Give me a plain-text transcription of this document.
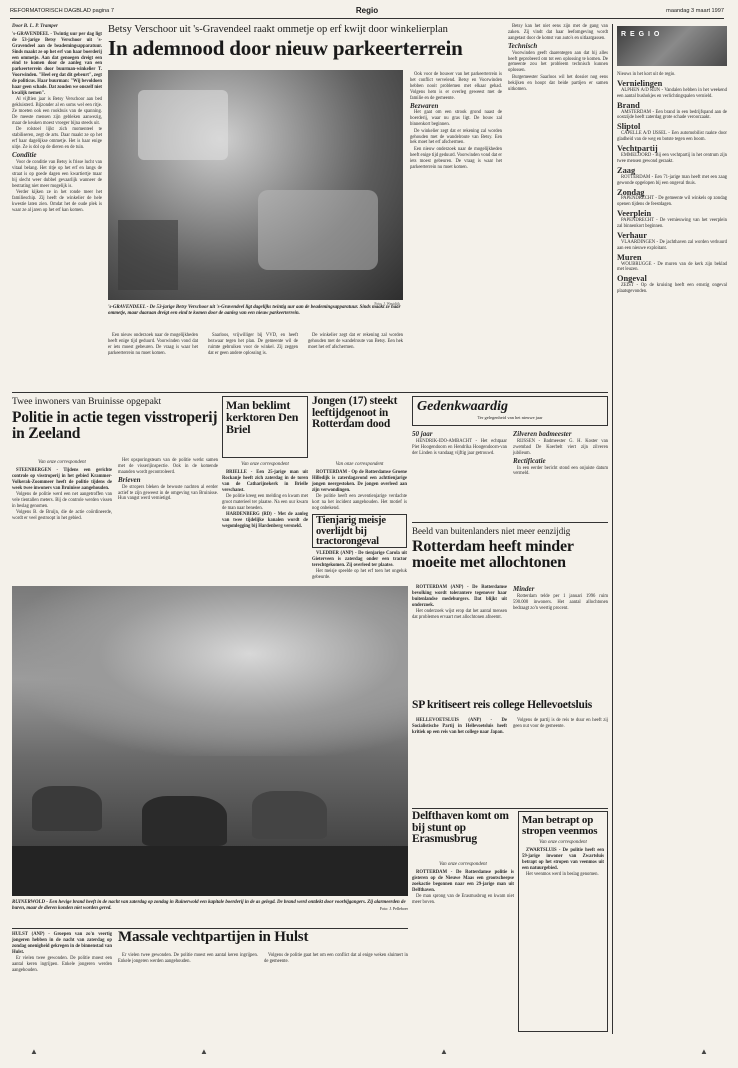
REFORMATORISCH DAGBLAD pagina 7	Regio	maandag 3 maart 1997
Door B. L. P. Tramper

's-GRAVENDEEL - Twintig uur per dag ligt de 53-jarige Betsy Verschoor uit 's-Gravendeel aan de beademingsapparatuur. Sinds maakt ze op het erf van haar boerderij een ommetje. Aan dat genoegen dreigt een eind te komen door de aanleg van een parkeerterrein door buurman-winkelier T. Voorwinden. "Heel erg dat dit gebeurt", zegt de politicus. Haar buurman: "Wij bevoldoen haar geen schade. Dat zouden we onszelf niet kwalijk nemen".

Al vijftien jaar is Betsy Verschoor aan bed gekluisterd. Bijzonder al en soms wel een ritje. Ze moeten ook een rookbuis van de spanning. De meeste mensen zijn gebleken aanwezig, maar de keuken moest vroeger bijna steeds uit.

De rolstoel lijkt zich momenteel te stabiliseren, zegt de arts. Daar maakt ze op het erf haar dagelijkse ommetje. Het is haar enige uitje. Ze is dol op de dieren en de tuin.

Conditie

Voor de conditie van Betsy is frisse lucht van vitaal belang. Het ritje op het erf en langs de straat is op goede dagen een kwartiertje maar bij slecht weer dubbel gevaarlijk wanneer de bestrating niet meer mogelijk is.

Verder kijken ze in het ronde meer het familieschip. Zij heeft de winkelier de hele kwestie laten zien. Omdat het de oude plek is waar ze al jaren op het erf kan komen.

Betsy Verschoor uit 's-Gravendeel raakt ommetje op erf kwijt door winkelierplan
In ademnood door nieuw parkeerterrein
Foto: J. Westdijk
's-GRAVENDEEL - De 53-jarige Betsy Verschoor uit 's-Gravendeel ligt dagelijks twintig uur aan de beademingsapparatuur. Sinds maakt ze haar ommetje, maar daaraan dreigt een eind te komen door de aanleg van een nieuw parkeerterrein.

Een nieuw onderzoek naar de mogelijkheden heeft enige tijd geduurd. Voorwinden vond dat er iets moest gebeuren. De vraag is waar het parkeerterrein nu moet komen.

Saarloos, vrijwilliger bij VVD, en heeft bezwaar tegen het plan. De gemeente wil de ruimte gebruiken voor de winkel. Zij zeggen dat er geen andere oplossing is.

De winkelier zegt dat er rekening zal worden gehouden met de wandelroute van Betsy. Een hek moet het erf afschermen.

Ook voor de bouwer van het parkeerterrein is het conflict vervelend. Betsy en Voorwinden hebben nooit problemen met elkaar gehad. Volgens hem is er overleg geweest met de familie en de gemeente.

Bezwaren

Het gaat om een strook grond naast de boerderij, waar nu gras ligt. De bouw zal binnenkort beginnen.

De winkelier zegt dat er rekening zal worden gehouden met de wandelroute van Betsy. Een hek moet het erf afschermen.

Een nieuw onderzoek naar de mogelijkheden heeft enige tijd geduurd. Voorwinden vond dat er iets moest gebeuren. De vraag is waar het parkeerterrein nu moet komen.

Betsy kan het niet eens zijn met de gang van zaken. Zij vindt dat haar leefomgeving wordt aangetast door de komst van auto's en uitlaatgassen.

Technisch

Voorwinden geeft daarentegen aan dat hij alles heeft geprobeerd om tot een oplossing te komen. De gemeente zou het probleem technisch kunnen oplossen.

Burgemeester Saarloos wil het dossier nog eens bekijken en hoopt dat beide partijen er samen uitkomen.

R E G I O

Nieuws in het kort uit de regio.

Vernielingen

ALPHEN A/D RIJN - Vandalen hebben in het weekend een aantal bushokjes en verlichtingspalen vernield.

Brand

AMSTERDAM - Een brand in een bedrijfspand aan de oostzijde heeft zaterdag grote schade veroorzaakt.

Sliptol

CAPELLE A/D IJSSEL - Een automobilist raakte door gladheid van de weg en botste tegen een boom.

Vechtpartij

EMMELOORD - Bij een vechtpartij in het centrum zijn twee mensen gewond geraakt.

Zaag

ROTTERDAM - Een 71-jarige man heeft met een zaag gewonde opgelopen bij een ongeval thuis.

Zondag

PAPENDRECHT - De gemeente wil winkels op zondag openen tijdens de feestdagen.

Veerplein

PAPENDRECHT - De vernieuwing van het veerplein zal binnenkort beginnen.

Verhaur

VLAARDINGEN - De jachthaven zal worden verhuurd aan een nieuwe exploitant.

Muren

WOUBRUGGE - De muren van de kerk zijn beklad met leuzen.

Ongeval

ZEIST - Op de kruising heeft een ernstig ongeval plaatsgevonden.

Twee inwoners van Bruinisse opgepakt
Politie in actie tegen visstroperij in Zeeland
Van onze correspondent

STEENBERGEN - Tijdens een gerichte controle op visstroperij in het gebied Krammer-Volkerak-Zoommeer heeft de politie tijdens de week twee inwoners van Bruinisse aangehouden.

Volgens de politie werd een net aangetroffen van vele tientallen meters. Bij de controle werden vissen in beslag genomen.

Volgens B. de Bruijn, die de actie coördineerde, wordt er veel gestroopt in het gebied.

Het opsporingsteam van de politie werkt samen met de visserijinspectie. Ook in de komende maanden wordt gecontroleerd.

Brieven

De stropers bleken de bewuste nachten al eerder actief te zijn geweest in de omgeving van Bruinisse. Hun vangst werd vernietigd.

Man beklimt kerktoren Den Briel
Van onze correspondent

BRIELLE - Een 25-jarige man uit Rockanje heeft zich zaterdag in de toren van de Catharijnekerk in Brielle verschanst.

De politie kreeg een melding en kwam met groot materieel ter plaatse. Na een uur kwam de man naar beneden.

HARDENBERG (RD) - Met de aanleg van twee tijdelijke kanalen wordt de wegomlegging bij Hardenberg versneld.

Jongen (17) steekt leeftijdgenoot in Rotterdam dood
Van onze correspondent

ROTTERDAM - Op de Rotterdamse Groene Hilledijk is zaterdagavond een achttienjarige jongen neergestoken. De jongen overleed aan zijn verwondingen.

De politie heeft een zeventienjarige verdachte kort na het incident aangehouden. Het motief is nog onbekend.

Tienjarig meisje overlijdt bij tractorongeval

VLEDDER (ANP) - De tienjarige Carola uit Gieterveen is zaterdag onder een tractor terechtgekomen. Zij overleed ter plaatse.

Het meisje speelde op het erf toen het ongeluk gebeurde.

Gedenkwaardig
Ter gelegenheid van het nieuwe jaar
50 jaar

HENDRIK-IDO-AMBACHT - Het echtpaar Piet Hoogendoorn en Hendrika Hoogendoorn-van der Linden is vandaag vijftig jaar getrouwd.

Zilveren badmeester

RIJSSEN - Badmeester G. H. Koster van zwembad De Koerbelt viert zijn zilveren jubileum.

Rectificatie

In een eerder bericht stond een onjuiste datum vermeld.

Beeld van buitenlanders niet meer eenzijdig
Rotterdam heeft minder moeite met allochtonen

ROTTERDAM (ANP) - De Rotterdamse bevolking wordt tolerantere tegenover haar buitenlandse medeburgers. Dat blijkt uit onderzoek.

Het onderzoek wijst erop dat het aantal mensen dat problemen ervaart met allochtonen afneemt.

Minder

Rotterdam telde per 1 januari 1996 ruim 590.000 inwoners. Het aantal allochtonen bedraagt zo'n veertig procent.

RUINERWOLD - Een hevige brand heeft in de nacht van zaterdag op zondag in Ruinerwold een kapitale boerderij in de as gelegd. De brand werd ontdekt door voorbijgangers. Zij alarmeerden de buren, maar de dieren konden niet worden gered.	Foto: J. Pelleboer

HULST (ANP) - Groepen van zo'n veertig jongeren hebben in de nacht van zaterdag op zondag onenigheid gekregen in de binnenstad van Hulst.

Er vielen twee gewonden. De politie moest een aantal keren ingrijpen. Enkele jongeren werden aangehouden.

Massale vechtpartijen in Hulst

Er vielen twee gewonden. De politie moest een aantal keren ingrijpen. Enkele jongeren werden aangehouden.

Volgens de politie gaat het om een conflict dat al enige weken sluimert in de gemeente.

SP kritiseert reis college Hellevoetsluis

HELLEVOETSLUIS (ANP) - De Socialistische Partij in Hellevoetsluis heeft kritiek op een reis van het college naar Japan.

Volgens de partij is de reis te duur en heeft zij geen nut voor de gemeente.

Delfthaven komt om bij stunt op Erasmusbrug
Van onze correspondent

ROTTERDAM - De Rotterdamse politie is gisteren op de Nieuwe Maas een grootscheepse zoekactie begonnen naar een 29-jarige man uit Delfthaven.

De man sprong van de Erasmusbrug en kwam niet meer boven.

Man betrapt op stropen veenmos
Van onze correspondent

ZWARTSLUIS - De politie heeft een 59-jarige inwoner van Zwartsluis betrapt op het stropen van veenmos uit een natuurgebied.

Het veenmos werd in beslag genomen.

▲	▲	▲	▲
